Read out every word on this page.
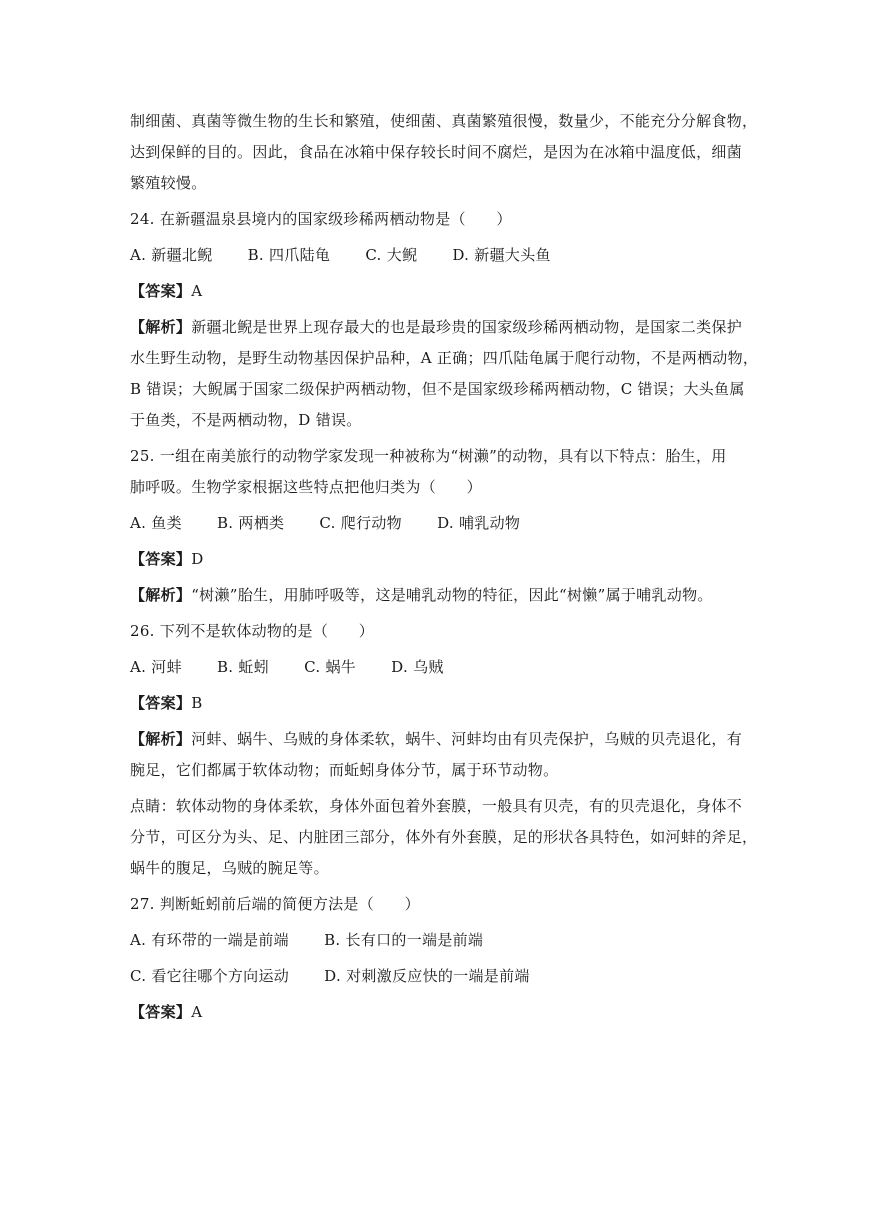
制细菌、真菌等微生物的生长和繁殖，使细菌、真菌繁殖很慢，数量少，不能充分分解食物，

达到保鲜的目的。因此，食品在冰箱中保存较长时间不腐烂，是因为在冰箱中温度低，细菌

繁殖较慢。

24. 在新疆温泉县境内的国家级珍稀两栖动物是（　　）

A. 新疆北鲵 B. 四爪陆龟 C. 大鲵 D. 新疆大头鱼

【答案】A

【解析】新疆北鲵是世界上现存最大的也是最珍贵的国家级珍稀两栖动物，是国家二类保护

水生野生动物，是野生动物基因保护品种，A 正确；四爪陆龟属于爬行动物，不是两栖动物，

B 错误；大鲵属于国家二级保护两栖动物，但不是国家级珍稀两栖动物，C 错误；大头鱼属

于鱼类，不是两栖动物，D 错误。

25. 一组在南美旅行的动物学家发现一种被称为“树濑”的动物，具有以下特点：胎生，用

肺呼吸。生物学家根据这些特点把他归类为（　　）

A. 鱼类 B. 两栖类 C. 爬行动物 D. 哺乳动物

【答案】D

【解析】“树濑”胎生，用肺呼吸等，这是哺乳动物的特征，因此“树懒”属于哺乳动物。

26. 下列不是软体动物的是（　　）

A. 河蚌 B. 蚯蚓 C. 蜗牛 D. 乌贼

【答案】B

【解析】河蚌、蜗牛、乌贼的身体柔软，蜗牛、河蚌均由有贝壳保护，乌贼的贝壳退化，有

腕足，它们都属于软体动物；而蚯蚓身体分节，属于环节动物。

点睛：软体动物的身体柔软，身体外面包着外套膜，一般具有贝壳，有的贝壳退化，身体不

分节，可区分为头、足、内脏团三部分，体外有外套膜，足的形状各具特色，如河蚌的斧足，

蜗牛的腹足，乌贼的腕足等。

27. 判断蚯蚓前后端的简便方法是（　　）

A. 有环带的一端是前端 B. 长有口的一端是前端

C. 看它往哪个方向运动 D. 对刺激反应快的一端是前端

【答案】A
